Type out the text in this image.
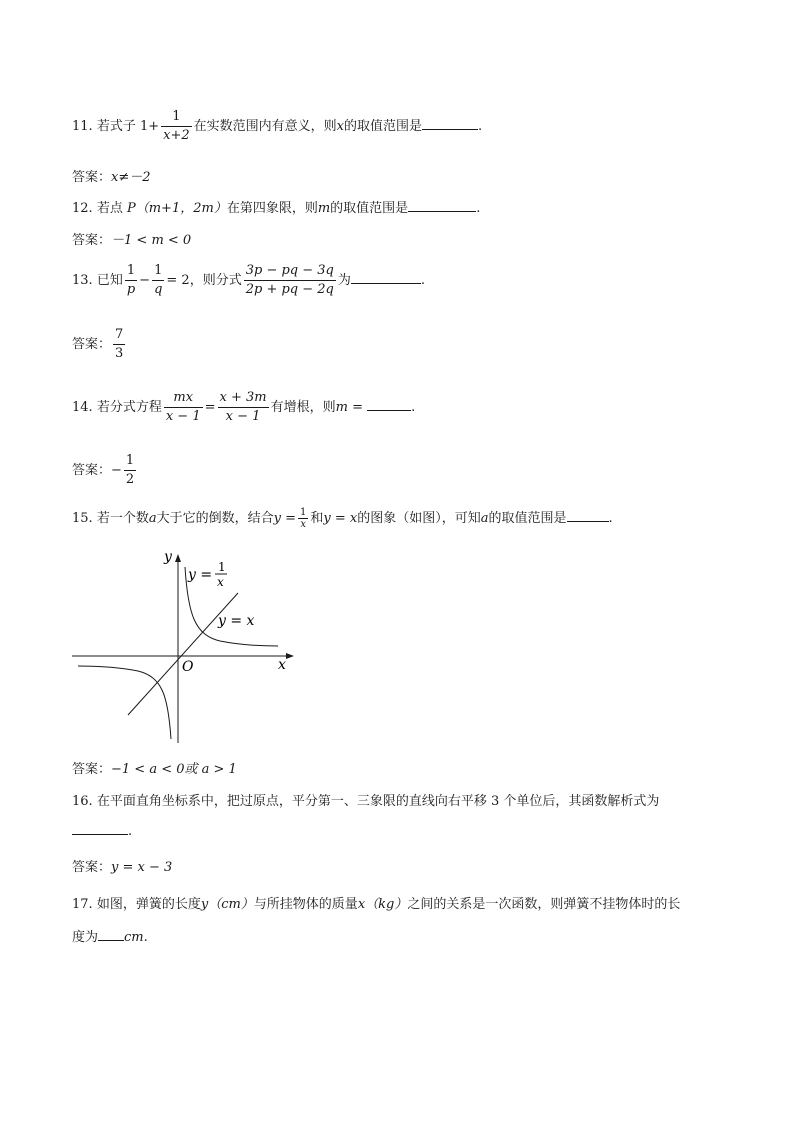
11. 若式子 $1+ \frac{1}{x+2}$ 在实数范围内有意义，则x的取值范围是	.
答案：x≠－2
12. 若点 P（m+1，2m）在第四象限，则m的取值范围是	.
答案：－1 < m < 0
13. 已知 $\frac{1}{p} - \frac{1}{q} = 2$，则分式 $\frac{3p - pq - 3q}{2p + pq - 2q}$ 为	.
答案： $\frac{7}{3}$
14. 若分式方程 $\frac{mx}{x - 1} = \frac{x + 3m}{x - 1}$ 有增根，则m =	.
答案：− $\frac{1}{2}$
15. 若一个数a大于它的倒数，结合$y = \frac{1}{x}$ 和y = x的图象（如图），可知a的取值范围是	.
y
x
O
y = 1
x
y = x
答案：−1 < a < 0或 a > 1
16. 在平面直角坐标系中，把过原点，平分第一、三象限的直线向右平移 3 个单位后，其函数解析式为
.
答案：y = x − 3
17. 如图，弹簧的长度y（cm）与所挂物体的质量x（kg）之间的关系是一次函数，则弹簧不挂物体时的长
度为 cm.
